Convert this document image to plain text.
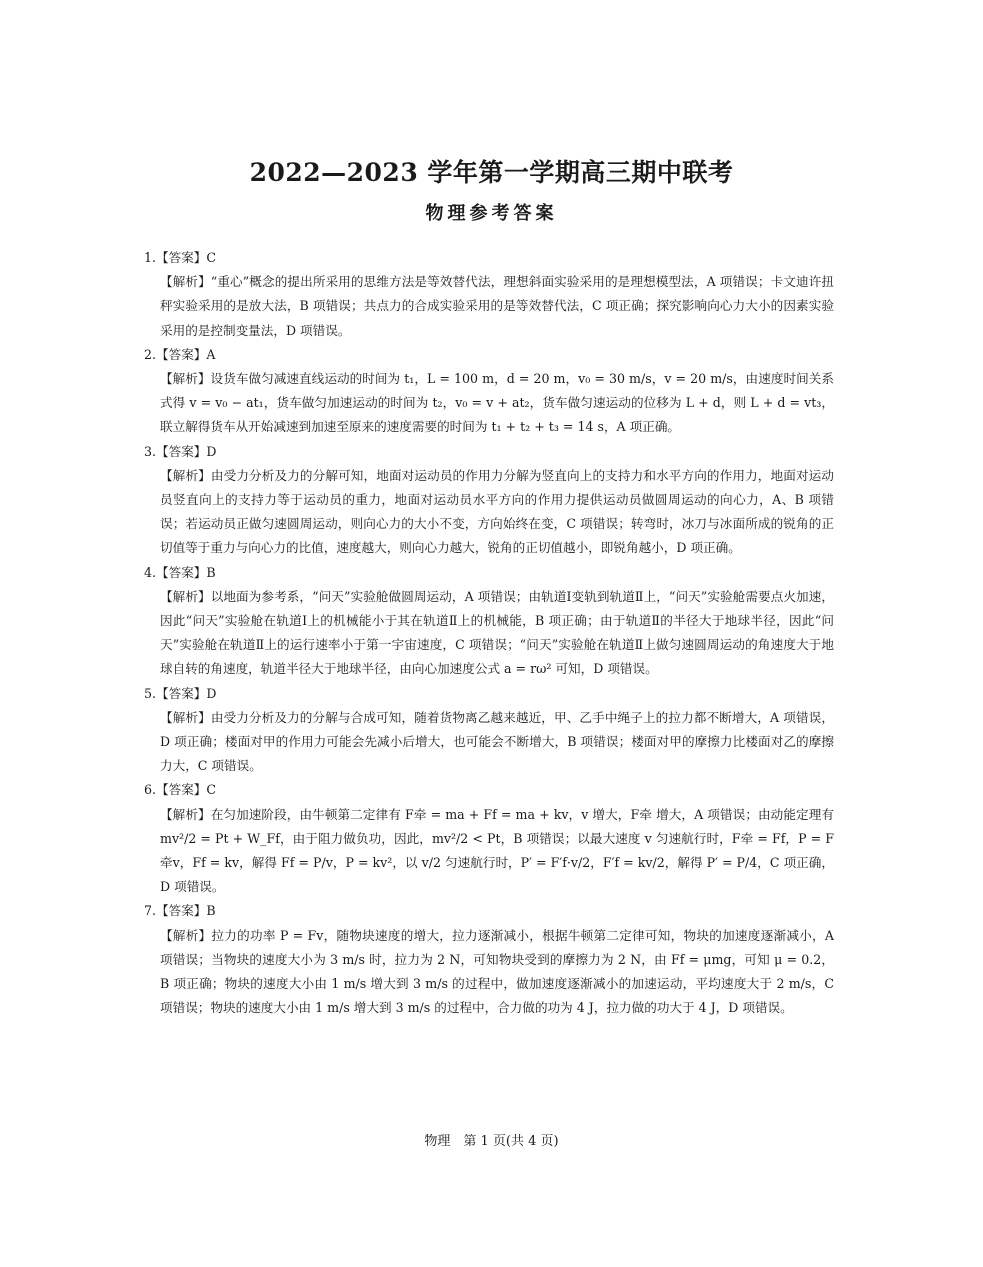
2022—2023 学年第一学期高三期中联考
物理参考答案

1.【答案】C

【解析】“重心”概念的提出所采用的思维方法是等效替代法，理想斜面实验采用的是理想模型法，A 项错误；卡文迪许扭秤实验采用的是放大法，B 项错误；共点力的合成实验采用的是等效替代法，C 项正确；探究影响向心力大小的因素实验采用的是控制变量法，D 项错误。

2.【答案】A

【解析】设货车做匀减速直线运动的时间为 t₁，L = 100 m，d = 20 m，v₀ = 30 m/s，v = 20 m/s，由速度时间关系式得 v = v₀ − at₁，货车做匀加速运动的时间为 t₂，v₀ = v + at₂，货车做匀速运动的位移为 L + d，则 L + d = vt₃，联立解得货车从开始减速到加速至原来的速度需要的时间为 t₁ + t₂ + t₃ = 14 s，A 项正确。

3.【答案】D

【解析】由受力分析及力的分解可知，地面对运动员的作用力分解为竖直向上的支持力和水平方向的作用力，地面对运动员竖直向上的支持力等于运动员的重力，地面对运动员水平方向的作用力提供运动员做圆周运动的向心力，A、B 项错误；若运动员正做匀速圆周运动，则向心力的大小不变，方向始终在变，C 项错误；转弯时，冰刀与冰面所成的锐角的正切值等于重力与向心力的比值，速度越大，则向心力越大，锐角的正切值越小，即锐角越小，D 项正确。

4.【答案】B

【解析】以地面为参考系，“问天”实验舱做圆周运动，A 项错误；由轨道Ⅰ变轨到轨道Ⅱ上，“问天”实验舱需要点火加速，因此“问天”实验舱在轨道Ⅰ上的机械能小于其在轨道Ⅱ上的机械能，B 项正确；由于轨道Ⅱ的半径大于地球半径，因此“问天”实验舱在轨道Ⅱ上的运行速率小于第一宇宙速度，C 项错误；“问天”实验舱在轨道Ⅱ上做匀速圆周运动的角速度大于地球自转的角速度，轨道半径大于地球半径，由向心加速度公式 a = rω² 可知，D 项错误。

5.【答案】D

【解析】由受力分析及力的分解与合成可知，随着货物离乙越来越近，甲、乙手中绳子上的拉力都不断增大，A 项错误，D 项正确；楼面对甲的作用力可能会先减小后增大，也可能会不断增大，B 项错误；楼面对甲的摩擦力比楼面对乙的摩擦力大，C 项错误。

6.【答案】C

【解析】在匀加速阶段，由牛顿第二定律有 F牵 = ma + Ff = ma + kv，v 增大，F牵 增大，A 项错误；由动能定理有 mv²/2 = Pt + W_Ff，由于阻力做负功，因此，mv²/2 < Pt，B 项错误；以最大速度 v 匀速航行时，F牵 = Ff，P = F牵v，Ff = kv，解得 Ff = P/v，P = kv²，以 v/2 匀速航行时，P′ = F′f·v/2，F′f = kv/2，解得 P′ = P/4，C 项正确，D 项错误。

7.【答案】B

【解析】拉力的功率 P = Fv，随物块速度的增大，拉力逐渐减小，根据牛顿第二定律可知，物块的加速度逐渐减小，A 项错误；当物块的速度大小为 3 m/s 时，拉力为 2 N，可知物块受到的摩擦力为 2 N，由 Ff = μmg，可知 μ = 0.2，B 项正确；物块的速度大小由 1 m/s 增大到 3 m/s 的过程中，做加速度逐渐减小的加速运动，平均速度大于 2 m/s，C 项错误；物块的速度大小由 1 m/s 增大到 3 m/s 的过程中，合力做的功为 4 J，拉力做的功大于 4 J，D 项错误。

物理　第 1 页(共 4 页)
